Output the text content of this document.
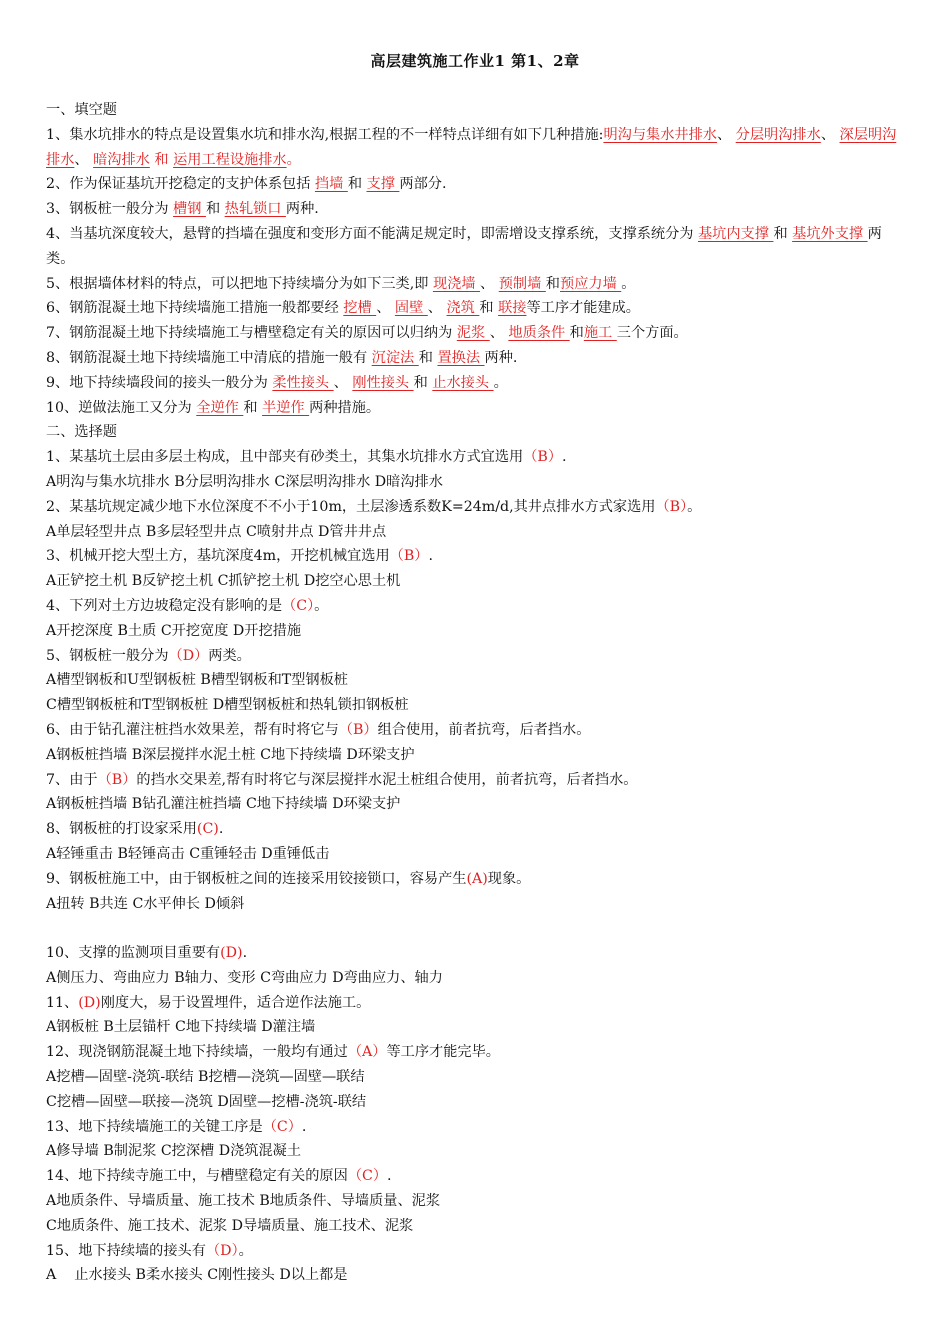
高层建筑施工作业1 第1、2章
一、填空题
1、集水坑排水的特点是设置集水坑和排水沟,根据工程的不一样特点详细有如下几种措施:明沟与集水井排水、 分层明沟排水、 深层明沟排水、 暗沟排水 和 运用工程设施排水。
2、作为保证基坑开挖稳定的支护体系包括 挡墙 和 支撑 两部分.
3、钢板桩一般分为 槽钢 和 热轧锁口 两种.
4、当基坑深度较大，悬臂的挡墙在强度和变形方面不能满足规定时，即需增设支撑系统，支撑系统分为 基坑内支撑 和 基坑外支撑 两类。
5、根据墙体材料的特点，可以把地下持续墙分为如下三类,即 现浇墙 、 预制墙 和预应力墙 。
6、钢筋混凝土地下持续墙施工措施一般都要经 挖槽 、 固壁 、 浇筑 和 联接等工序才能建成。
7、钢筋混凝土地下持续墙施工与槽壁稳定有关的原因可以归纳为 泥浆 、 地质条件 和施工 三个方面。
8、钢筋混凝土地下持续墙施工中清底的措施一般有 沉淀法 和 置换法 两种.
9、地下持续墙段间的接头一般分为 柔性接头 、 刚性接头 和 止水接头 。
10、逆做法施工又分为 全逆作 和 半逆作 两种措施。
二、选择题
1、某基坑土层由多层土构成，且中部夹有砂类土，其集水坑排水方式宜选用（B）.
A明沟与集水坑排水 B分层明沟排水 C深层明沟排水 D暗沟排水
2、某基坑规定减少地下水位深度不不小于10m，土层渗透系数K=24m/d,其井点排水方式家选用（B）。
A单层轻型井点 B多层轻型井点 C喷射井点 D管井井点
3、机械开挖大型土方，基坑深度4m，开挖机械宜选用（B）.
A正铲挖土机 B反铲挖土机 C抓铲挖土机 D挖空心思土机
4、下列对土方边坡稳定没有影响的是（C）。
A开挖深度 B土质 C开挖宽度 D开挖措施
5、钢板桩一般分为（D）两类。
A槽型钢板和U型钢板桩 B槽型钢板和T型钢板桩
C槽型钢板桩和T型钢板桩 D槽型钢板桩和热轧锁扣钢板桩
6、由于钻孔灌注桩挡水效果差，帮有时将它与（B）组合使用，前者抗弯，后者挡水。
A钢板桩挡墙 B深层搅拌水泥土桩 C地下持续墙 D环梁支护
7、由于（B）的挡水交果差,帮有时将它与深层搅拌水泥土桩组合使用，前者抗弯，后者挡水。
A钢板桩挡墙 B钻孔灌注桩挡墙 C地下持续墙 D环梁支护
8、钢板桩的打设家采用(C).
A轻锤重击 B轻锤高击 C重锤轻击 D重锤低击
9、钢板桩施工中，由于钢板桩之间的连接采用铰接锁口，容易产生(A)现象。
A扭转 B共连 C水平伸长 D倾斜
10、支撑的监测项目重要有(D).
A侧压力、弯曲应力 B轴力、变形 C弯曲应力 D弯曲应力、轴力
11、(D)刚度大，易于设置埋件，适合逆作法施工。
A钢板桩 B土层锚杆 C地下持续墙 D灌注墙
12、现浇钢筋混凝土地下持续墙，一般均有通过（A）等工序才能完毕。
A挖槽—固壁-浇筑-联结 B挖槽—浇筑—固壁—联结
C挖槽—固壁—联接—浇筑 D固壁—挖槽-浇筑-联结
13、地下持续墙施工的关键工序是（C）.
A修导墙 B制泥浆 C挖深槽 D浇筑混凝土
14、地下持续寺施工中，与槽壁稳定有关的原因（C）.
A地质条件、导墙质量、施工技术 B地质条件、导墙质量、泥浆
C地质条件、施工技术、泥浆 D导墙质量、施工技术、泥浆
15、地下持续墙的接头有（D）。
A    止水接头 B柔水接头 C刚性接头 D以上都是
